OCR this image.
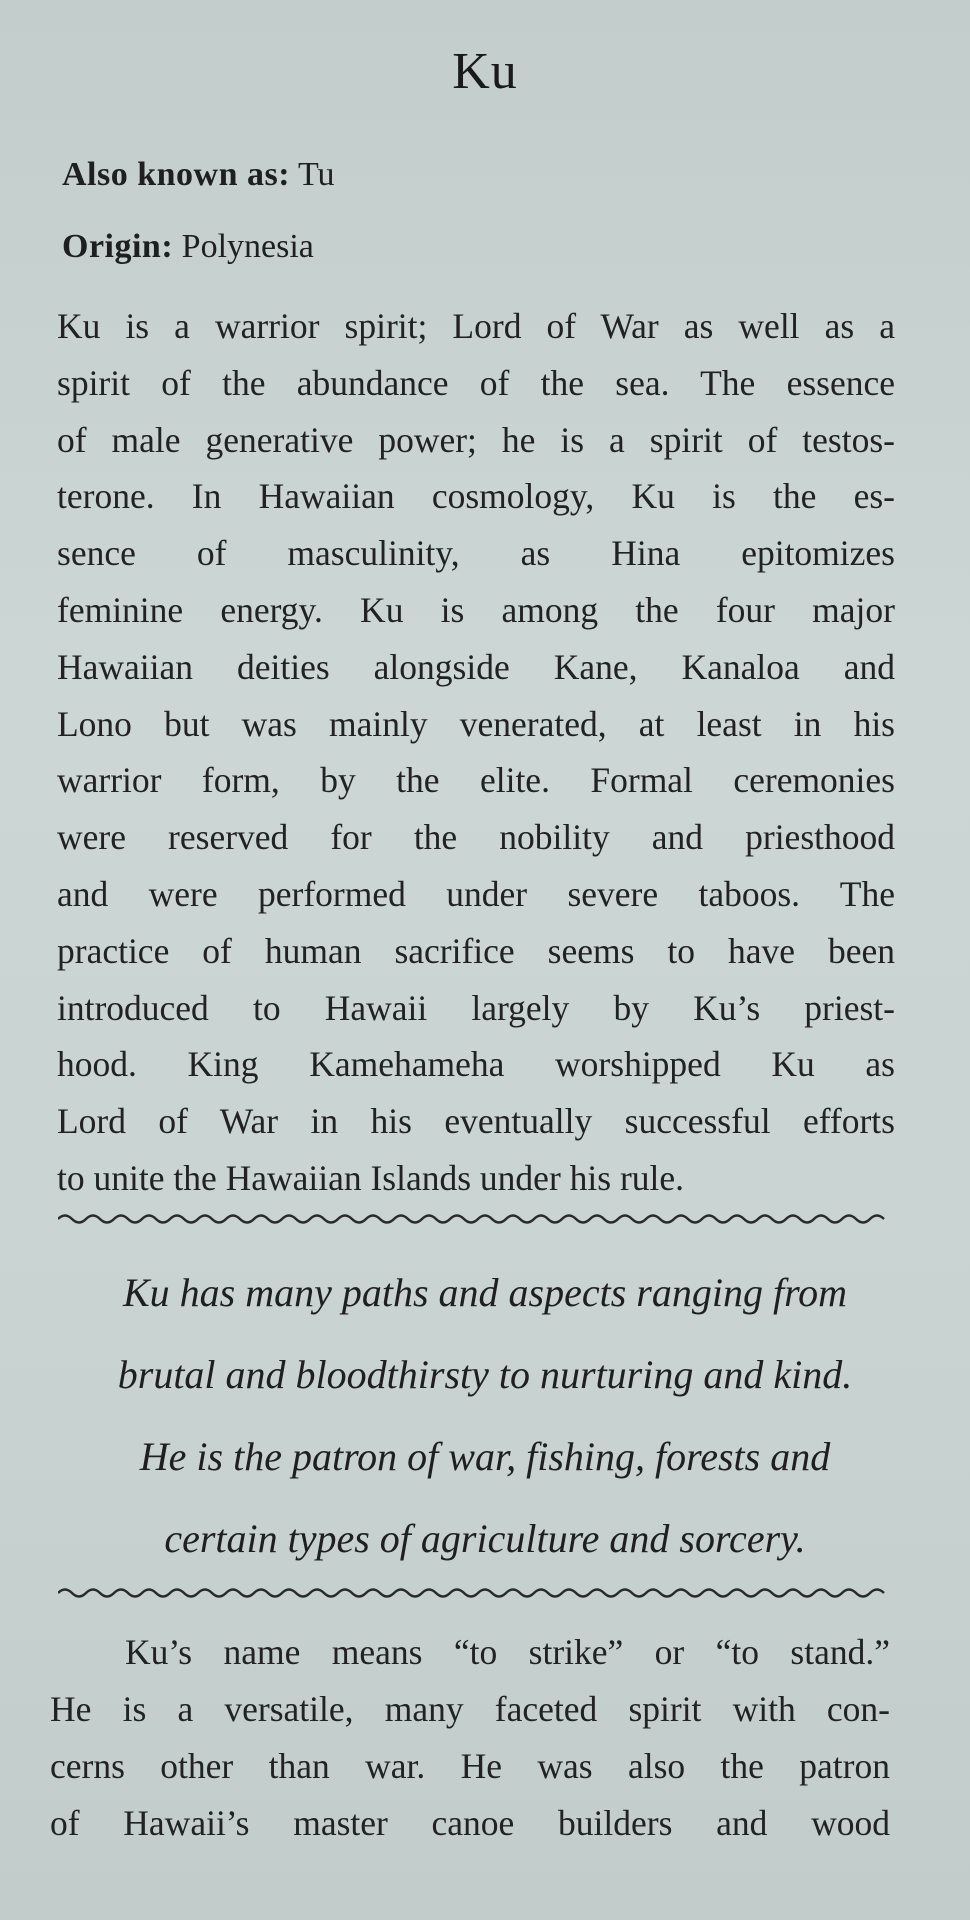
Ku
Also known as: Tu
Origin: Polynesia
Ku is a warrior spirit; Lord of War as well as a
spirit of the abundance of the sea. The essence
of male generative power; he is a spirit of testos-
terone. In Hawaiian cosmology, Ku is the es-
sence of masculinity, as Hina epitomizes
feminine energy. Ku is among the four major
Hawaiian deities alongside Kane, Kanaloa and
Lono but was mainly venerated, at least in his
warrior form, by the elite. Formal ceremonies
were reserved for the nobility and priesthood
and were performed under severe taboos. The
practice of human sacrifice seems to have been
introduced to Hawaii largely by Ku’s priest-
hood. King Kamehameha worshipped Ku as
Lord of War in his eventually successful efforts
to unite the Hawaiian Islands under his rule.
Ku has many paths and aspects ranging from
brutal and bloodthirsty to nurturing and kind.
He is the patron of war, fishing, forests and
certain types of agriculture and sorcery.
Ku’s name means “to strike” or “to stand.”
He is a versatile, many faceted spirit with con-
cerns other than war. He was also the patron
of Hawaii’s master canoe builders and wood
